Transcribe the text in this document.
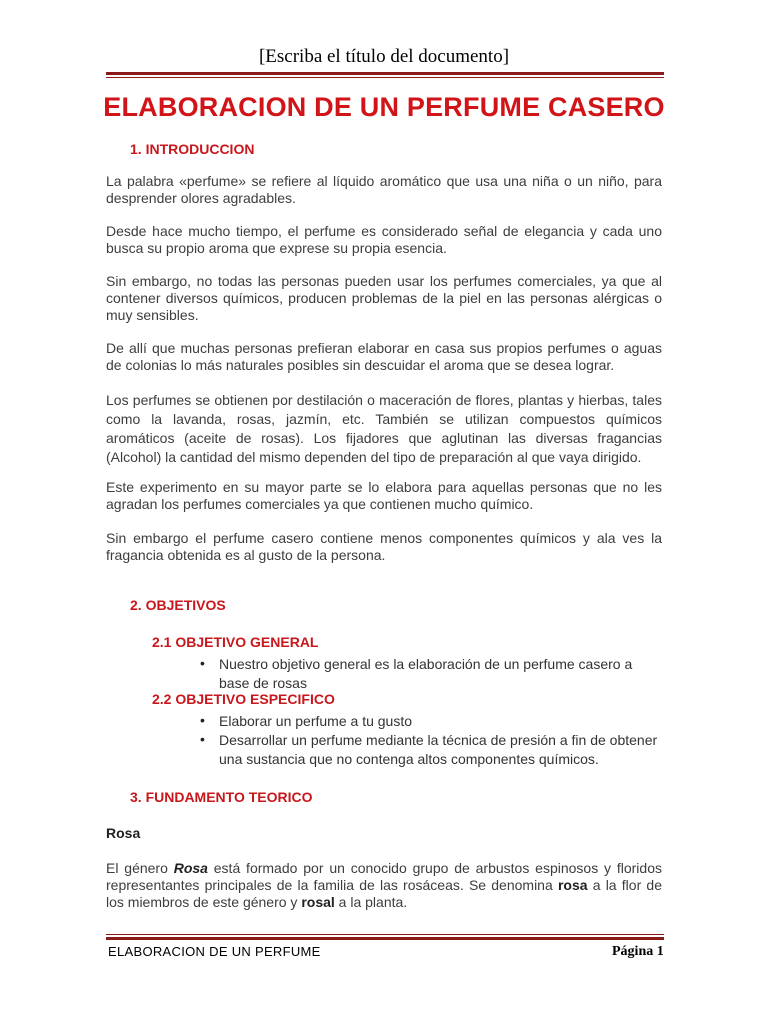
[Escriba el título del documento]
ELABORACION DE UN PERFUME CASERO
1. INTRODUCCION
La palabra «perfume» se refiere al líquido aromático que usa una niña o un niño, para desprender olores agradables.
Desde hace mucho tiempo, el perfume es considerado señal de elegancia y cada uno busca su propio aroma que exprese su propia esencia.
Sin embargo, no todas las personas pueden usar los perfumes comerciales, ya que al contener diversos químicos, producen problemas de la piel en las personas alérgicas o muy sensibles.
De allí que muchas personas prefieran elaborar en casa sus propios perfumes o aguas de colonias lo más naturales posibles sin descuidar el aroma que se desea lograr.
Los perfumes se obtienen por destilación o maceración de flores, plantas y hierbas, tales como la lavanda, rosas, jazmín, etc. También se utilizan compuestos químicos aromáticos (aceite de rosas). Los fijadores que aglutinan las diversas fragancias (Alcohol) la cantidad del mismo dependen del tipo de preparación al que vaya dirigido.
Este experimento en su mayor parte se lo elabora para aquellas personas que no les agradan los perfumes comerciales ya que contienen mucho químico.
Sin embargo el perfume casero contiene menos componentes químicos y ala ves la fragancia obtenida es al gusto de la persona.
2. OBJETIVOS
2.1 OBJETIVO GENERAL
• Nuestro objetivo general es la elaboración de un perfume casero a base de rosas
2.2 OBJETIVO ESPECIFICO
• Elaborar un perfume a tu gusto
• Desarrollar un perfume mediante la técnica de presión a fin de obtener una sustancia que no contenga altos componentes químicos.
3. FUNDAMENTO TEORICO
Rosa
El género Rosa está formado por un conocido grupo de arbustos espinosos y floridos representantes principales de la familia de las rosáceas. Se denomina rosa a la flor de los miembros de este género y rosal a la planta.
ELABORACION DE UN PERFUME	Página 1
